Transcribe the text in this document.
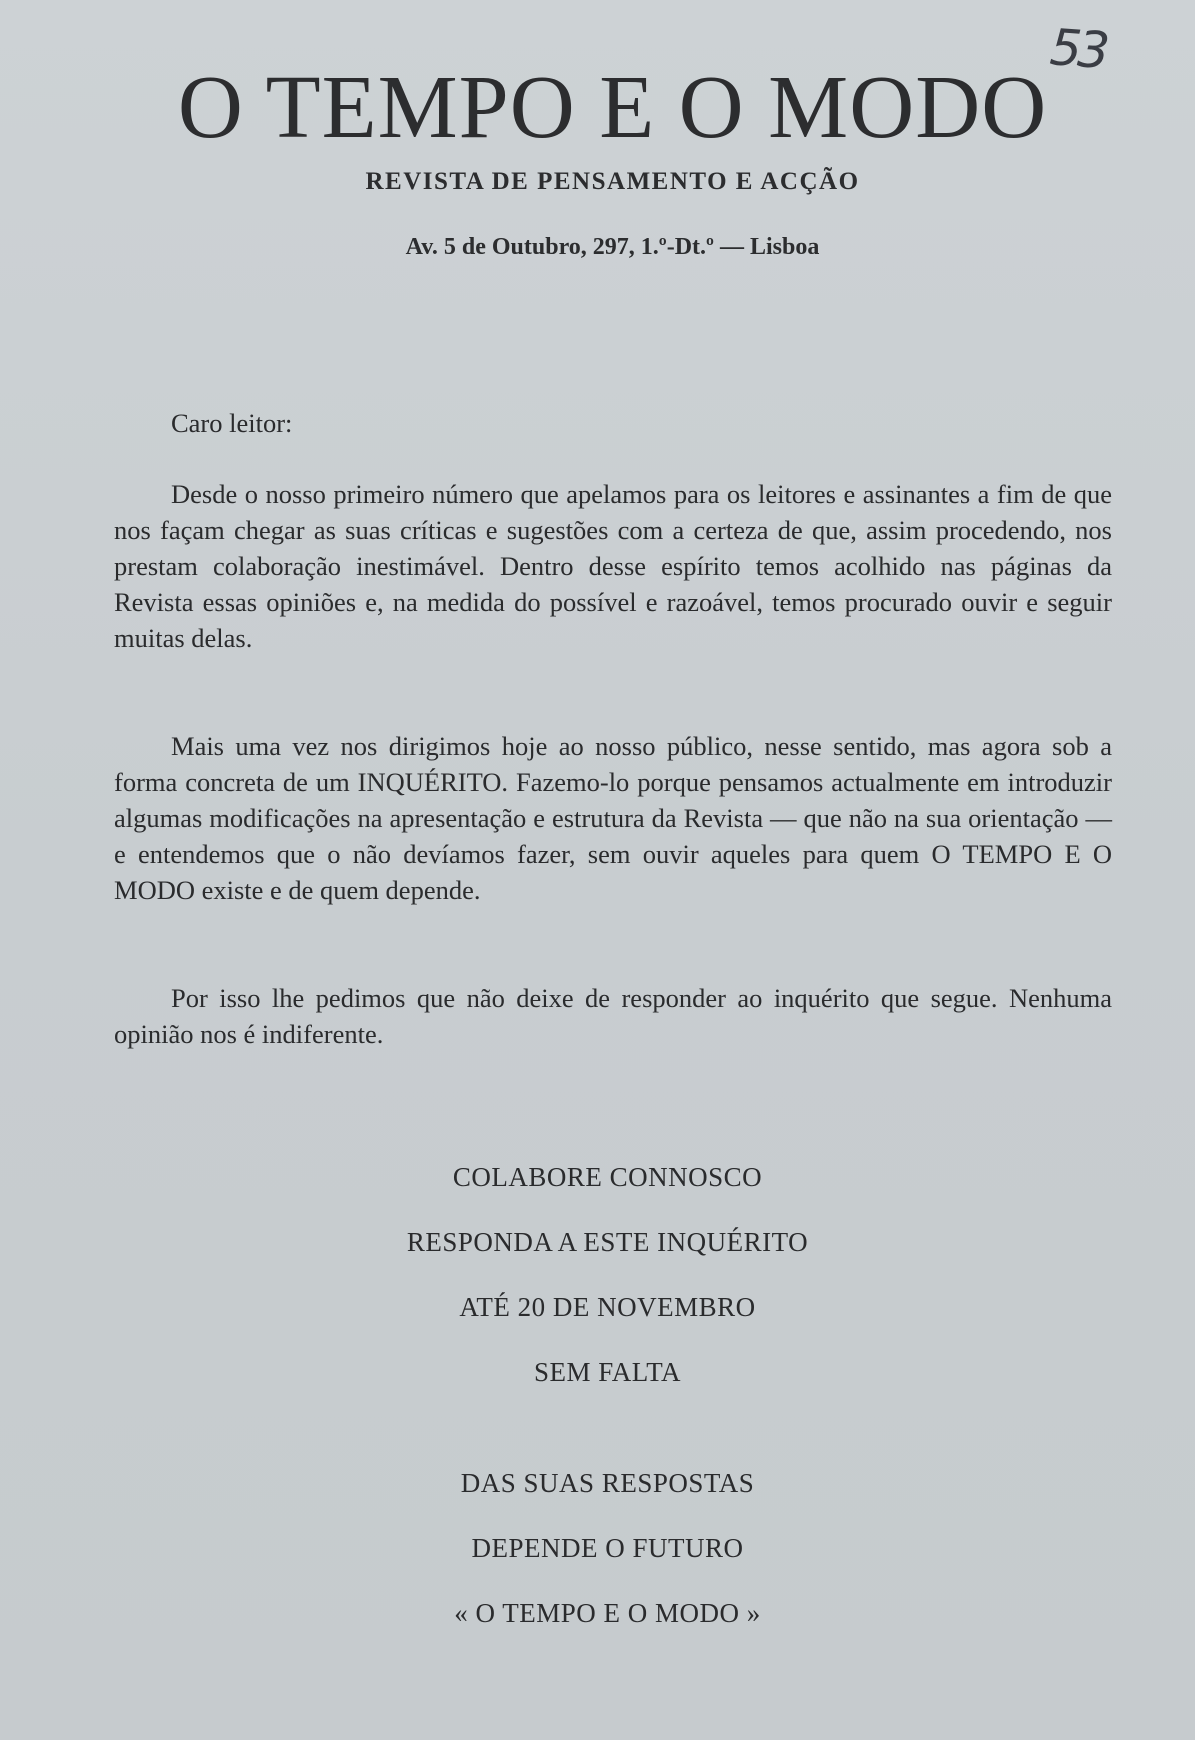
53
O TEMPO E O MODO
REVISTA DE PENSAMENTO E ACÇÃO
Av. 5 de Outubro, 297, 1.º-Dt.º — Lisboa
Caro leitor:

Desde o nosso primeiro número que apelamos para os leitores e assinantes a fim de que nos façam chegar as suas críticas e sugestões com a certeza de que, assim procedendo, nos prestam colaboração inestimável. Dentro desse espírito temos acolhido nas páginas da Revista essas opiniões e, na medida do possível e razoável, temos procurado ouvir e seguir muitas delas.

Mais uma vez nos dirigimos hoje ao nosso público, nesse sentido, mas agora sob a forma concreta de um INQUÉRITO. Fazemo-lo porque pensamos actualmente em introduzir algumas modificações na apresentação e estrutura da Revista — que não na sua orientação — e entendemos que o não devíamos fazer, sem ouvir aqueles para quem O TEMPO E O MODO existe e de quem depende.

Por isso lhe pedimos que não deixe de responder ao inquérito que segue. Nenhuma opinião nos é indiferente.

COLABORE CONNOSCO
RESPONDA A ESTE INQUÉRITO
ATÉ 20 DE NOVEMBRO
SEM FALTA
DAS SUAS RESPOSTAS
DEPENDE O FUTURO
« O TEMPO E O MODO »
